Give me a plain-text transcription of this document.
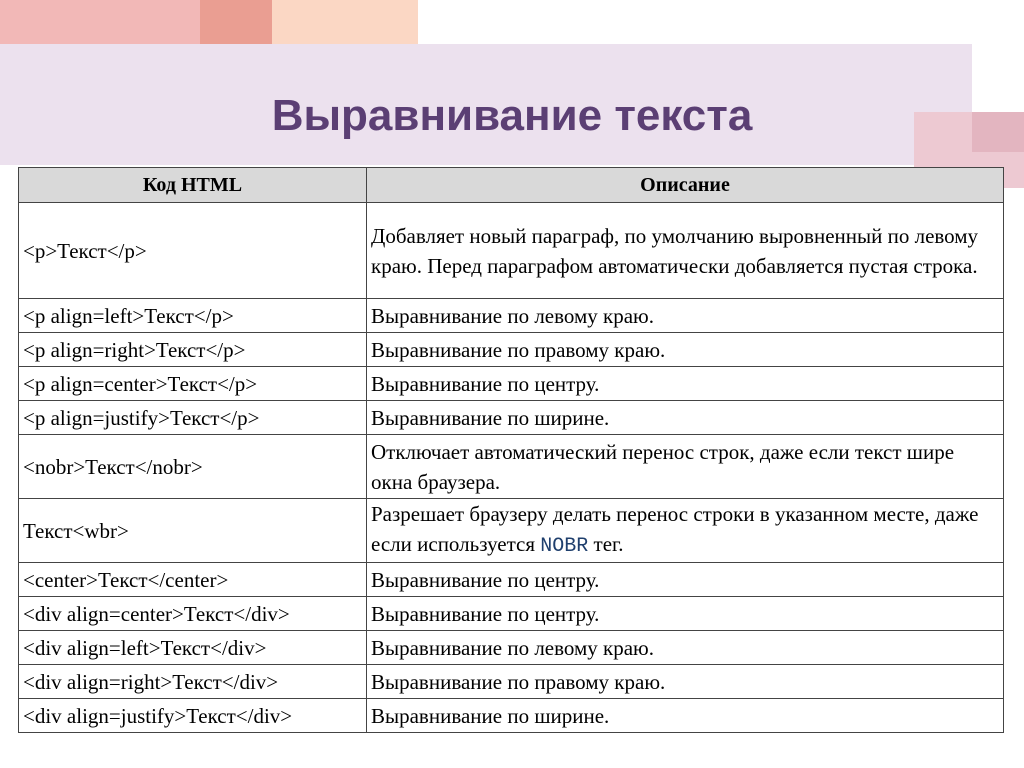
Выравнивание текста
Код HTML	Описание
<p>Текст</p>	Добавляет новый параграф, по умолчанию выровненный по левому краю. Перед параграфом автоматически добавляется пустая строка.
<p align=left>Текст</p>	Выравнивание по левому краю.
<p align=right>Текст</p>	Выравнивание по правому краю.
<p align=center>Текст</p>	Выравнивание по центру.
<p align=justify>Текст</p>	Выравнивание по ширине.
<nobr>Текст</nobr>	Отключает автоматический перенос строк, даже если текст шире окна браузера.
Текст<wbr>	Разрешает браузеру делать перенос строки в указанном месте, даже если используется NOBR тег.
<center>Текст</center>	Выравнивание по центру.
<div align=center>Текст</div>	Выравнивание по центру.
<div align=left>Текст</div>	Выравнивание по левому краю.
<div align=right>Текст</div>	Выравнивание по правому краю.
<div align=justify>Текст</div>	Выравнивание по ширине.
